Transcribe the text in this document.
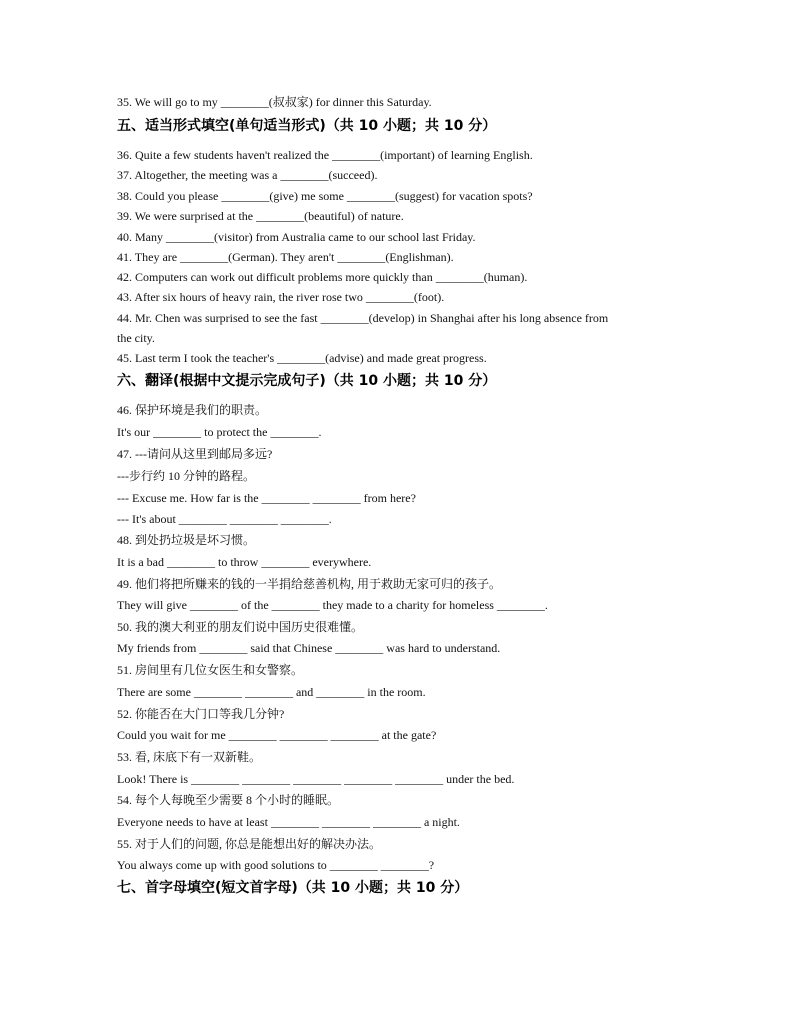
35. We will go to my ________(叔叔家) for dinner this Saturday.
五、适当形式填空(单句适当形式)（共 10 小题；共 10 分）
36. Quite a few students haven't realized the ________(important) of learning English.
37. Altogether, the meeting was a ________(succeed).
38. Could you please ________(give) me some ________(suggest) for vacation spots?
39. We were surprised at the ________(beautiful) of nature.
40. Many ________(visitor) from Australia came to our school last Friday.
41. They are ________(German). They aren't ________(Englishman).
42. Computers can work out difficult problems more quickly than ________(human).
43. After six hours of heavy rain, the river rose two ________(foot).
44. Mr. Chen was surprised to see the fast ________(develop) in Shanghai after his long absence from
the city.
45. Last term I took the teacher's ________(advise) and made great progress.
六、翻译(根据中文提示完成句子)（共 10 小题；共 10 分）
46. 保护环境是我们的职责。
It's our ________ to protect the ________.
47. ---请问从这里到邮局多远?
---步行约 10 分钟的路程。
--- Excuse me. How far is the ________ ________ from here?
--- It's about ________ ________ ________.
48. 到处扔垃圾是坏习惯。
It is a bad ________ to throw ________ everywhere.
49. 他们将把所赚来的钱的一半捐给慈善机构, 用于救助无家可归的孩子。
They will give ________ of the ________ they made to a charity for homeless ________.
50. 我的澳大利亚的朋友们说中国历史很难懂。
My friends from ________ said that Chinese ________ was hard to understand.
51. 房间里有几位女医生和女警察。
There are some ________ ________ and ________ in the room.
52. 你能否在大门口等我几分钟?
Could you wait for me ________ ________ ________ at the gate?
53. 看, 床底下有一双新鞋。
Look! There is ________ ________ ________ ________ ________ under the bed.
54. 每个人每晚至少需要 8 个小时的睡眠。
Everyone needs to have at least ________ ________ ________ a night.
55. 对于人们的问题, 你总是能想出好的解决办法。
You always come up with good solutions to ________ ________?
七、首字母填空(短文首字母)（共 10 小题；共 10 分）
